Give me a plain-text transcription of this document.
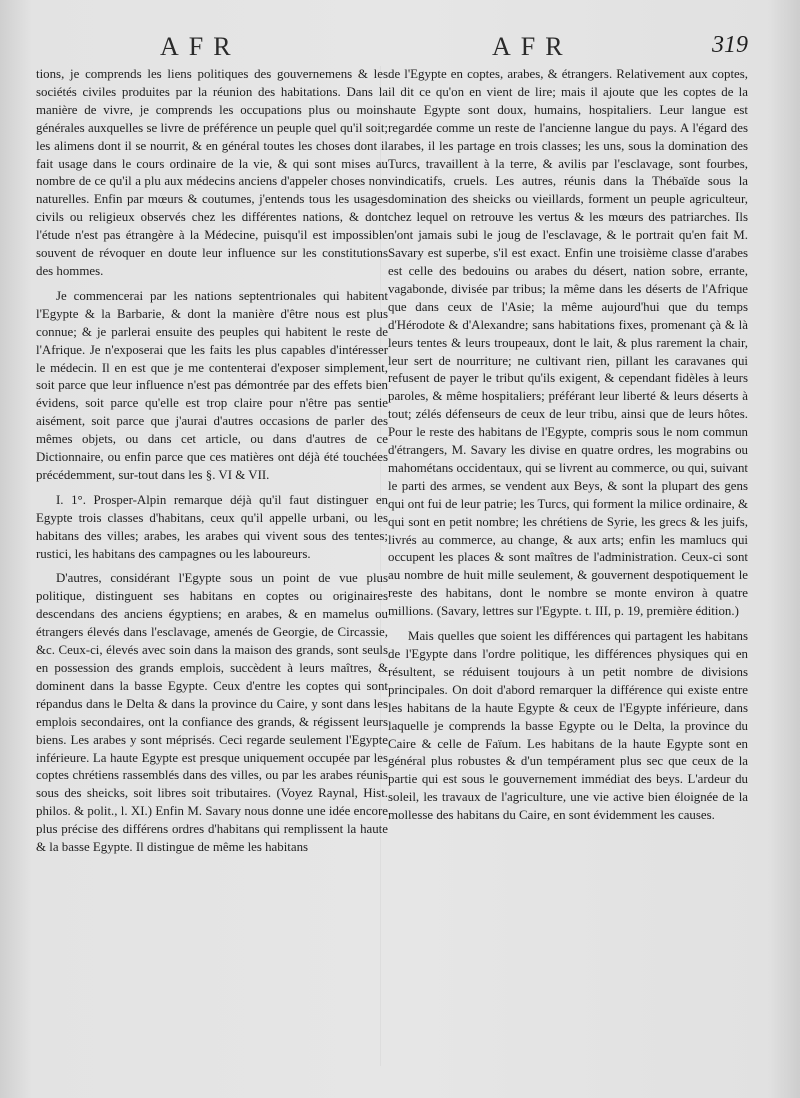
AFR	AFR	319

tions, je comprends les liens politiques des gouvernemens & les sociétés civiles produites par la réunion des habitations. Dans la manière de vivre, je comprends les occupations plus ou moins générales auxquelles se livre de préférence un peuple quel qu'il soit; les alimens dont il se nourrit, & en général toutes les choses dont il fait usage dans le cours ordinaire de la vie, & qui sont mises au nombre de ce qu'il a plu aux médecins anciens d'appeler choses non naturelles. Enfin par mœurs & coutumes, j'entends tous les usages civils ou religieux observés chez les différentes nations, & dont l'étude n'est pas étrangère à la Médecine, puisqu'il est impossible souvent de révoquer en doute leur influence sur les constitutions des hommes.

Je commencerai par les nations septentrionales qui habitent l'Egypte & la Barbarie, & dont la manière d'être nous est plus connue; & je parlerai ensuite des peuples qui habitent le reste de l'Afrique. Je n'exposerai que les faits les plus capables d'intéresser le médecin. Il en est que je me contenterai d'exposer simplement, soit parce que leur influence n'est pas démontrée par des effets bien évidens, soit parce qu'elle est trop claire pour n'être pas sentie aisément, soit parce que j'aurai d'autres occasions de parler des mêmes objets, ou dans cet article, ou dans d'autres de ce Dictionnaire, ou enfin parce que ces matières ont déjà été touchées précédemment, sur-tout dans les §. VI & VII.

I. 1°. Prosper-Alpin remarque déjà qu'il faut distinguer en Egypte trois classes d'habitans, ceux qu'il appelle urbani, ou les habitans des villes; arabes, les arabes qui vivent sous des tentes; rustici, les habitans des campagnes ou les laboureurs.

D'autres, considérant l'Egypte sous un point de vue plus politique, distinguent ses habitans en coptes ou originaires descendans des anciens égyptiens; en arabes, & en mamelus ou étrangers élevés dans l'esclavage, amenés de Georgie, de Circassie, &c. Ceux-ci, élevés avec soin dans la maison des grands, sont seuls en possession des grands emplois, succèdent à leurs maîtres, & dominent dans la basse Egypte. Ceux d'entre les coptes qui sont répandus dans le Delta & dans la province du Caire, y sont dans les emplois secondaires, ont la confiance des grands, & régissent leurs biens. Les arabes y sont méprisés. Ceci regarde seulement l'Egypte inférieure. La haute Egypte est presque uniquement occupée par les coptes chrétiens rassemblés dans des villes, ou par les arabes réunis sous des sheicks, soit libres soit tributaires. (Voyez Raynal, Hist. philos. & polit., l. XI.) Enfin M. Savary nous donne une idée encore plus précise des différens ordres d'habitans qui remplissent la haute & la basse Egypte. Il distingue de même les habitans

de l'Egypte en coptes, arabes, & étrangers. Relativement aux coptes, il dit ce qu'on en vient de lire; mais il ajoute que les coptes de la haute Egypte sont doux, humains, hospitaliers. Leur langue est regardée comme un reste de l'ancienne langue du pays. A l'égard des arabes, il les partage en trois classes; les uns, sous la domination des Turcs, travaillent à la terre, & avilis par l'esclavage, sont fourbes, vindicatifs, cruels. Les autres, réunis dans la Thébaïde sous la domination des sheicks ou vieillards, forment un peuple agriculteur, chez lequel on retrouve les vertus & les mœurs des patriarches. Ils n'ont jamais subi le joug de l'esclavage, & le portrait qu'en fait M. Savary est superbe, s'il est exact. Enfin une troisième classe d'arabes est celle des bedouins ou arabes du désert, nation sobre, errante, vagabonde, divisée par tribus; la même dans les déserts de l'Afrique que dans ceux de l'Asie; la même aujourd'hui que du temps d'Hérodote & d'Alexandre; sans habitations fixes, promenant çà & là leurs tentes & leurs troupeaux, dont le lait, & plus rarement la chair, leur sert de nourriture; ne cultivant rien, pillant les caravanes qui refusent de payer le tribut qu'ils exigent, & cependant fidèles à leurs paroles, & même hospitaliers; préférant leur liberté & leurs déserts à tout; zélés défenseurs de ceux de leur tribu, ainsi que de leurs hôtes. Pour le reste des habitans de l'Egypte, compris sous le nom commun d'étrangers, M. Savary les divise en quatre ordres, les mograbins ou mahométans occidentaux, qui se livrent au commerce, ou qui, suivant le parti des armes, se vendent aux Beys, & sont la plupart des gens qui ont fui de leur patrie; les Turcs, qui forment la milice ordinaire, & qui sont en petit nombre; les chrétiens de Syrie, les grecs & les juifs, livrés au commerce, au change, & aux arts; enfin les mamlucs qui occupent les places & sont maîtres de l'administration. Ceux-ci sont au nombre de huit mille seulement, & gouvernent despotiquement le reste des habitans, dont le nombre se monte environ à quatre millions. (Savary, lettres sur l'Egypte. t. III, p. 19, première édition.)

Mais quelles que soient les différences qui partagent les habitans de l'Egypte dans l'ordre politique, les différences physiques qui en résultent, se réduisent toujours à un petit nombre de divisions principales. On doit d'abord remarquer la différence qui existe entre les habitans de la haute Egypte & ceux de l'Egypte inférieure, dans laquelle je comprends la basse Egypte ou le Delta, la province du Caire & celle de Faïum. Les habitans de la haute Egypte sont en général plus robustes & d'un tempérament plus sec que ceux de la partie qui est sous le gouvernement immédiat des beys. L'ardeur du soleil, les travaux de l'agriculture, une vie active bien éloignée de la mollesse des habitans du Caire, en sont évidemment les causes.
